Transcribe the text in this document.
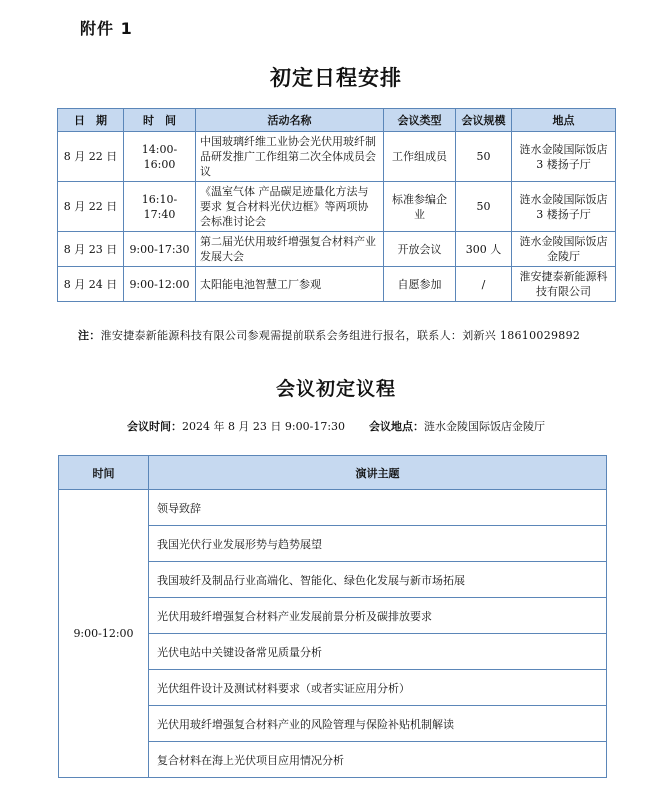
附件 1
初定日程安排
日　期	时　间	活动名称	会议类型	会议规模	地点
8 月 22 日	14:00-16:00	中国玻璃纤维工业协会光伏用玻纤制品研发推广工作组第二次全体成员会议	工作组成员	50	涟水金陵国际饭店 3 楼扬子厅
8 月 22 日	16:10-17:40	《温室气体 产品碳足迹量化方法与要求 复合材料光伏边框》等两项协会标准讨论会	标准参编企业	50	涟水金陵国际饭店 3 楼扬子厅
8 月 23 日	9:00-17:30	第二届光伏用玻纤增强复合材料产业发展大会	开放会议	300 人	涟水金陵国际饭店金陵厅
8 月 24 日	9:00-12:00	太阳能电池智慧工厂参观	自愿参加	/	淮安捷泰新能源科技有限公司
注：淮安捷泰新能源科技有限公司参观需提前联系会务组进行报名，联系人：刘新兴 18610029892
会议初定议程
会议时间：2024 年 8 月 23 日 9:00-17:30 会议地点：涟水金陵国际饭店金陵厅
时间	演讲主题
9:00-12:00	领导致辞
	我国光伏行业发展形势与趋势展望
	我国玻纤及制品行业高端化、智能化、绿色化发展与新市场拓展
	光伏用玻纤增强复合材料产业发展前景分析及碳排放要求
	光伏电站中关键设备常见质量分析
	光伏组件设计及测试材料要求（或者实证应用分析）
	光伏用玻纤增强复合材料产业的风险管理与保险补贴机制解读
	复合材料在海上光伏项目应用情况分析
